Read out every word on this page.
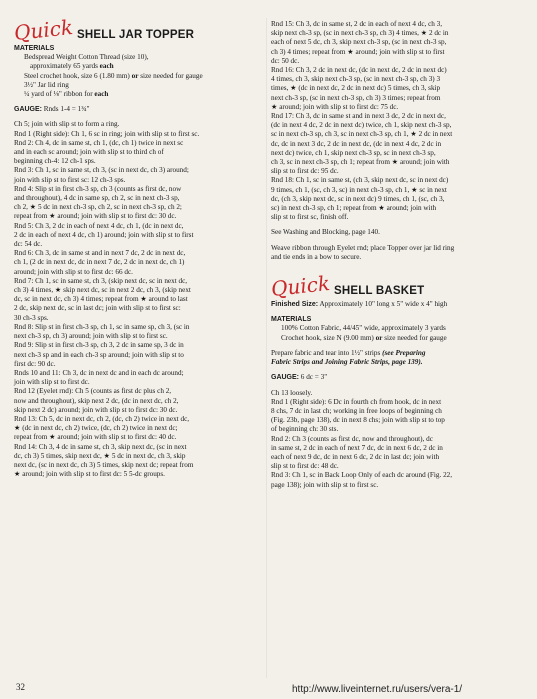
Quick SHELL JAR TOPPER

MATERIALS

Bedspread Weight Cotton Thread (size 10),

approximately 65 yards each

Steel crochet hook, size 6 (1.80 mm) or size needed for gauge

3½" Jar lid ring

¼ yard of ⅛" ribbon for each

GAUGE: Rnds 1-4 = 1¾"

Ch 5; join with slip st to form a ring.

Rnd 1 (Right side): Ch 1, 6 sc in ring; join with slip st to first sc.

Rnd 2: Ch 4, dc in same st, ch 1, (dc, ch 1) twice in next sc

and in each sc around; join with slip st to third ch of

beginning ch-4: 12 ch-1 sps.

Rnd 3: Ch 1, sc in same st, ch 3, (sc in next dc, ch 3) around;

join with slip st to first sc: 12 ch-3 sps.

Rnd 4: Slip st in first ch-3 sp, ch 3 (counts as first dc, now

and throughout), 4 dc in same sp, ch 2, sc in next ch-3 sp,

ch 2, ★ 5 dc in next ch-3 sp, ch 2, sc in next ch-3 sp, ch 2;

repeat from ★ around; join with slip st to first dc: 30 dc.

Rnd 5: Ch 3, 2 dc in each of next 4 dc, ch 1, (dc in next dc,

2 dc in each of next 4 dc, ch 1) around; join with slip st to first

dc: 54 dc.

Rnd 6: Ch 3, dc in same st and in next 7 dc, 2 dc in next dc,

ch 1, (2 dc in next dc, dc in next 7 dc, 2 dc in next dc, ch 1)

around; join with slip st to first dc: 66 dc.

Rnd 7: Ch 1, sc in same st, ch 3, (skip next dc, sc in next dc,

ch 3) 4 times, ★ skip next dc, sc in next 2 dc, ch 3, (skip next

dc, sc in next dc, ch 3) 4 times; repeat from ★ around to last

2 dc, skip next dc, sc in last dc; join with slip st to first sc:

30 ch-3 sps.

Rnd 8: Slip st in first ch-3 sp, ch 1, sc in same sp, ch 3, (sc in

next ch-3 sp, ch 3) around; join with slip st to first sc.

Rnd 9: Slip st in first ch-3 sp, ch 3, 2 dc in same sp, 3 dc in

next ch-3 sp and in each ch-3 sp around; join with slip st to

first dc: 90 dc.

Rnds 10 and 11: Ch 3, dc in next dc and in each dc around;

join with slip st to first dc.

Rnd 12 (Eyelet rnd): Ch 5 (counts as first dc plus ch 2,

now and throughout), skip next 2 dc, (dc in next dc, ch 2,

skip next 2 dc) around; join with slip st to first dc: 30 dc.

Rnd 13: Ch 5, dc in next dc, ch 2, (dc, ch 2) twice in next dc,

★ (dc in next dc, ch 2) twice, (dc, ch 2) twice in next dc;

repeat from ★ around; join with slip st to first dc: 40 dc.

Rnd 14: Ch 3, 4 dc in same st, ch 3, skip next dc, (sc in next

dc, ch 3) 5 times, skip next dc, ★ 5 dc in next dc, ch 3, skip

next dc, (sc in next dc, ch 3) 5 times, skip next dc; repeat from

★ around; join with slip st to first dc: 5 5-dc groups.

Rnd 15: Ch 3, dc in same st, 2 dc in each of next 4 dc, ch 3,

skip next ch-3 sp, (sc in next ch-3 sp, ch 3) 4 times, ★ 2 dc in

each of next 5 dc, ch 3, skip next ch-3 sp, (sc in next ch-3 sp,

ch 3) 4 times; repeat from ★ around; join with slip st to first

dc: 50 dc.

Rnd 16: Ch 3, 2 dc in next dc, (dc in next dc, 2 dc in next dc)

4 times, ch 3, skip next ch-3 sp, (sc in next ch-3 sp, ch 3) 3

times, ★ (dc in next dc, 2 dc in next dc) 5 times, ch 3, skip

next ch-3 sp, (sc in next ch-3 sp, ch 3) 3 times; repeat from

★ around; join with slip st to first dc: 75 dc.

Rnd 17: Ch 3, dc in same st and in next 3 dc, 2 dc in next dc,

(dc in next 4 dc, 2 dc in next dc) twice, ch 1, skip next ch-3 sp,

sc in next ch-3 sp, ch 3, sc in next ch-3 sp, ch 1, ★ 2 dc in next

dc, dc in next 3 dc, 2 dc in next dc, (dc in next 4 dc, 2 dc in

next dc) twice, ch 1, skip next ch-3 sp, sc in next ch-3 sp,

ch 3, sc in next ch-3 sp, ch 1; repeat from ★ around; join with

slip st to first dc: 95 dc.

Rnd 18: Ch 1, sc in same st, (ch 3, skip next dc, sc in next dc)

9 times, ch 1, (sc, ch 3, sc) in next ch-3 sp, ch 1, ★ sc in next

dc, (ch 3, skip next dc, sc in next dc) 9 times, ch 1, (sc, ch 3,

sc) in next ch-3 sp, ch 1; repeat from ★ around; join with

slip st to first sc, finish off.

See Washing and Blocking, page 140.

Weave ribbon through Eyelet rnd; place Topper over jar lid ring

and tie ends in a bow to secure.

Quick SHELL BASKET

Finished Size: Approximately 10" long x 5" wide x 4" high

MATERIALS

100% Cotton Fabric, 44/45" wide, approximately 3 yards

Crochet hook, size N (9.00 mm) or size needed for gauge

Prepare fabric and tear into 1½" strips (see Preparing

Fabric Strips and Joining Fabric Strips, page 139).

GAUGE: 6 dc = 3"

Ch 13 loosely.

Rnd 1 (Right side): 6 Dc in fourth ch from hook, dc in next

8 chs, 7 dc in last ch; working in free loops of beginning ch

(Fig. 23b, page 138), dc in next 8 chs; join with slip st to top

of beginning ch: 30 sts.

Rnd 2: Ch 3 (counts as first dc, now and throughout), dc

in same st, 2 dc in each of next 7 dc, dc in next 6 dc, 2 dc in

each of next 9 dc, dc in next 6 dc, 2 dc in last dc; join with

slip st to first dc: 48 dc.

Rnd 3: Ch 1, sc in Back Loop Only of each dc around (Fig. 22,

page 138); join with slip st to first sc.

32	http://www.liveinternet.ru/users/vera-1/
